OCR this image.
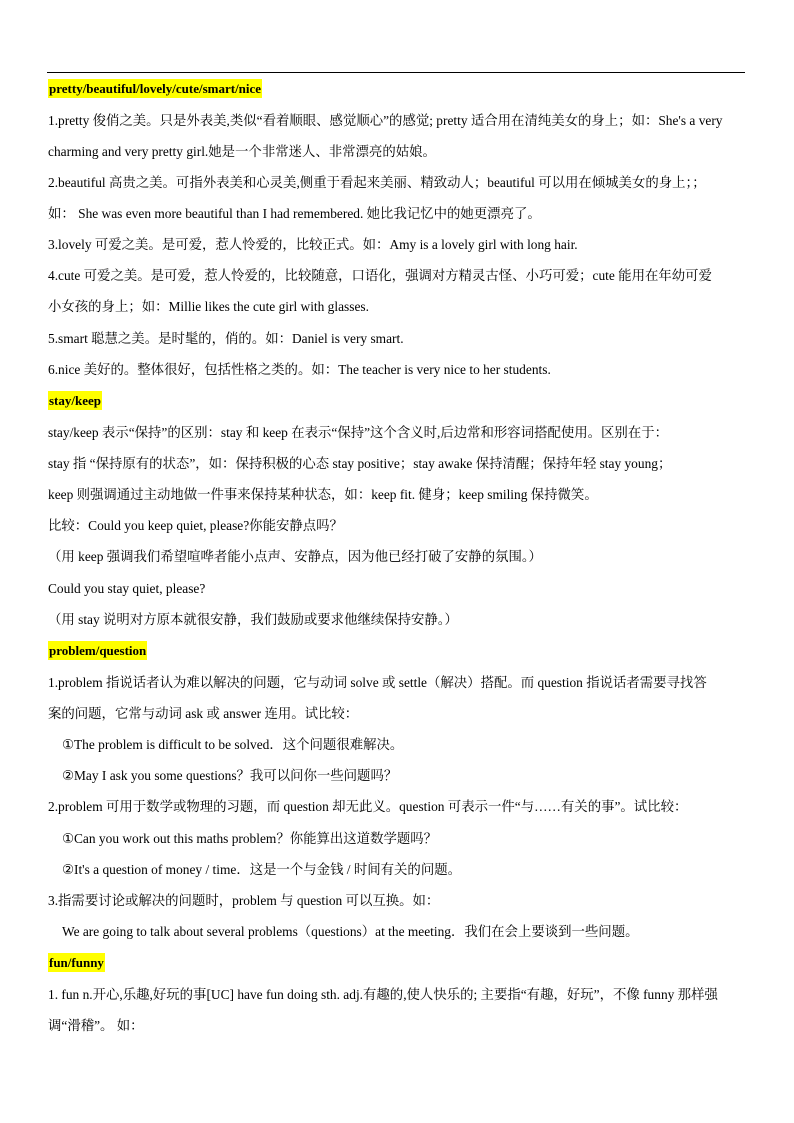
pretty/beautiful/lovely/cute/smart/nice
1.pretty 俊俏之美。只是外表美,类似“看着顺眼、感觉顺心”的感觉; pretty 适合用在清纯美女的身上；如：She's a very
charming and very pretty girl.她是一个非常迷人、非常漂亮的姑娘。
2.beautiful 高贵之美。可指外表美和心灵美,侧重于看起来美丽、精致动人；beautiful 可以用在倾城美女的身上；；
如： She was even more beautiful than I had remembered. 她比我记忆中的她更漂亮了。
3.lovely 可爱之美。是可爱，惹人怜爱的，比较正式。如：Amy is a lovely girl with long hair.
4.cute 可爱之美。是可爱，惹人怜爱的，比较随意，口语化，强调对方精灵古怪、小巧可爱；cute 能用在年幼可爱
小女孩的身上；如：Millie likes the cute girl with glasses.
5.smart 聪慧之美。是时髦的，俏的。如：Daniel is very smart.
6.nice 美好的。整体很好，包括性格之类的。如：The teacher is very nice to her students.
stay/keep
stay/keep 表示“保持”的区别：stay 和 keep 在表示“保持”这个含义时,后边常和形容词搭配使用。区别在于：
stay 指 “保持原有的状态”，如：保持积极的心态 stay positive；stay awake 保持清醒；保持年轻 stay young；
keep 则强调通过主动地做一件事来保持某种状态，如：keep fit. 健身；keep smiling 保持微笑。
比较：Could you keep quiet, please?你能安静点吗？
（用 keep 强调我们希望喧哗者能小点声、安静点，因为他已经打破了安静的氛围。）
Could you stay quiet, please?
（用 stay 说明对方原本就很安静，我们鼓励或要求他继续保持安静。）
problem/question
1.problem 指说话者认为难以解决的问题，它与动词 solve 或 settle（解决）搭配。而 question 指说话者需要寻找答
案的问题，它常与动词 ask 或 answer 连用。试比较：
①The problem is difficult to be solved．这个问题很难解决。
②May I ask you some questions？我可以问你一些问题吗？
2.problem 可用于数学或物理的习题，而 question 却无此义。question 可表示一件“与……有关的事”。试比较：
①Can you work out this maths problem？你能算出这道数学题吗？
②It's a question of money / time．这是一个与金钱 / 时间有关的问题。
3.指需要讨论或解决的问题时，problem 与 question 可以互换。如：
We are going to talk about several problems（questions）at the meeting．我们在会上要谈到一些问题。
fun/funny
1. fun n.开心,乐趣,好玩的事[UC] have fun doing sth. adj.有趣的,使人快乐的; 主要指“有趣，好玩”，不像 funny 那样强
调“滑稽”。 如：
